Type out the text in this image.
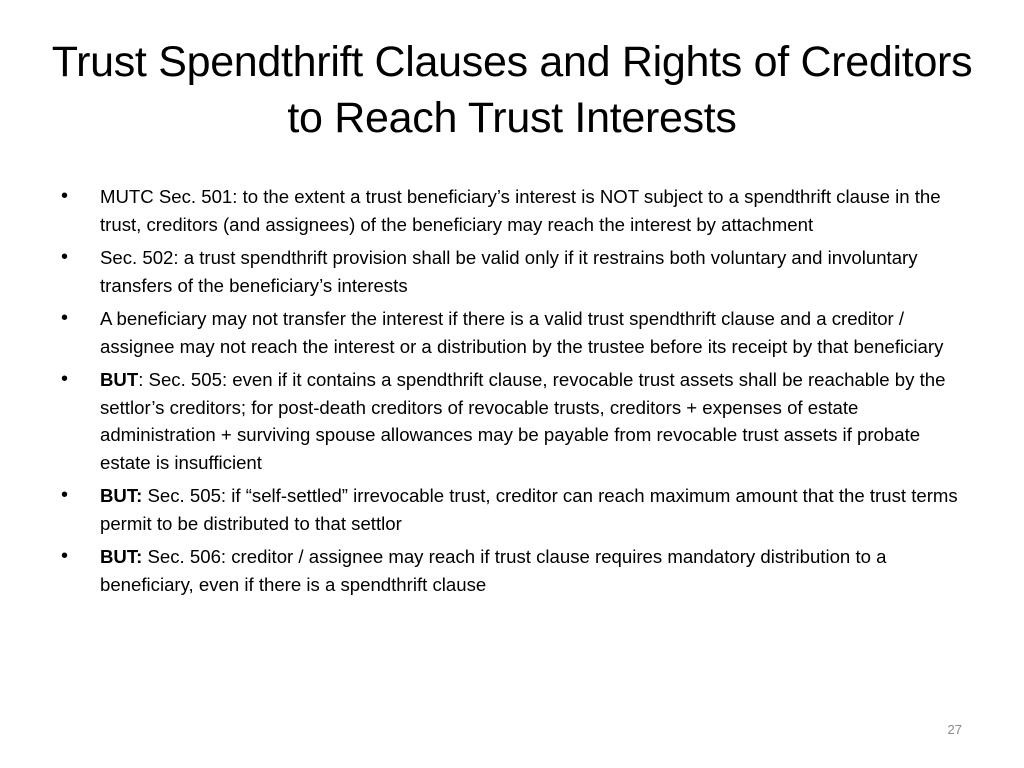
Trust Spendthrift Clauses and Rights of Creditors to Reach Trust Interests
• MUTC Sec. 501: to the extent a trust beneficiary’s interest is NOT subject to a spendthrift clause in the trust, creditors (and assignees) of the beneficiary may reach the interest by attachment
• Sec. 502: a trust spendthrift provision shall be valid only if it restrains both voluntary and involuntary transfers of the beneficiary’s interests
• A beneficiary may not transfer the interest if there is a valid trust spendthrift clause and a creditor / assignee may not reach the interest or a distribution by the trustee before its receipt by that beneficiary
• BUT: Sec. 505: even if it contains a spendthrift clause, revocable trust assets shall be reachable by the settlor’s creditors; for post-death creditors of revocable trusts, creditors + expenses of estate administration + surviving spouse allowances may be payable from revocable trust assets if probate estate is insufficient
• BUT: Sec. 505: if “self-settled” irrevocable trust, creditor can reach maximum amount that the trust terms permit to be distributed to that settlor
• BUT: Sec. 506: creditor / assignee may reach if trust clause requires mandatory distribution to a beneficiary, even if there is a spendthrift clause
27
